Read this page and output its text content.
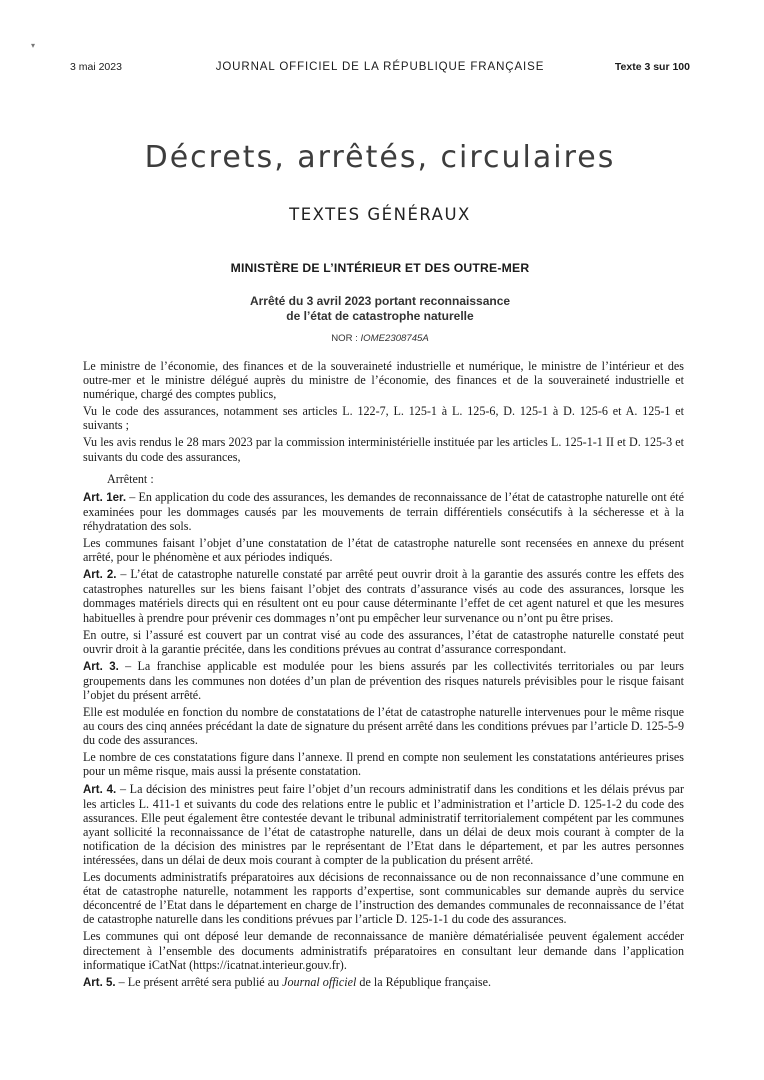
▾
3 mai 2023	JOURNAL OFFICIEL DE LA RÉPUBLIQUE FRANÇAISE	Texte 3 sur 100
Décrets, arrêtés, circulaires
TEXTES GÉNÉRAUX
MINISTÈRE DE L’INTÉRIEUR ET DES OUTRE-MER
Arrêté du 3 avril 2023 portant reconnaissance
de l’état de catastrophe naturelle
NOR : IOME2308745A

Le ministre de l’économie, des finances et de la souveraineté industrielle et numérique, le ministre de l’intérieur et des outre-mer et le ministre délégué auprès du ministre de l’économie, des finances et de la souveraineté industrielle et numérique, chargé des comptes publics,

Vu le code des assurances, notamment ses articles L. 122-7, L. 125-1 à L. 125-6, D. 125-1 à D. 125-6 et A. 125-1 et suivants ;

Vu les avis rendus le 28 mars 2023 par la commission interministérielle instituée par les articles L. 125-1-1 II et D. 125-3 et suivants du code des assurances,

Arrêtent :

Art. 1er. – En application du code des assurances, les demandes de reconnaissance de l’état de catastrophe naturelle ont été examinées pour les dommages causés par les mouvements de terrain différentiels consécutifs à la sécheresse et à la réhydratation des sols.

Les communes faisant l’objet d’une constatation de l’état de catastrophe naturelle sont recensées en annexe du présent arrêté, pour le phénomène et aux périodes indiqués.

Art. 2. – L’état de catastrophe naturelle constaté par arrêté peut ouvrir droit à la garantie des assurés contre les effets des catastrophes naturelles sur les biens faisant l’objet des contrats d’assurance visés au code des assurances, lorsque les dommages matériels directs qui en résultent ont eu pour cause déterminante l’effet de cet agent naturel et que les mesures habituelles à prendre pour prévenir ces dommages n’ont pu empêcher leur survenance ou n’ont pu être prises.

En outre, si l’assuré est couvert par un contrat visé au code des assurances, l’état de catastrophe naturelle constaté peut ouvrir droit à la garantie précitée, dans les conditions prévues au contrat d’assurance correspondant.

Art. 3. – La franchise applicable est modulée pour les biens assurés par les collectivités territoriales ou par leurs groupements dans les communes non dotées d’un plan de prévention des risques naturels prévisibles pour le risque faisant l’objet du présent arrêté.

Elle est modulée en fonction du nombre de constatations de l’état de catastrophe naturelle intervenues pour le même risque au cours des cinq années précédant la date de signature du présent arrêté dans les conditions prévues par l’article D. 125-5-9 du code des assurances.

Le nombre de ces constatations figure dans l’annexe. Il prend en compte non seulement les constatations antérieures prises pour un même risque, mais aussi la présente constatation.

Art. 4. – La décision des ministres peut faire l’objet d’un recours administratif dans les conditions et les délais prévus par les articles L. 411-1 et suivants du code des relations entre le public et l’administration et l’article D. 125-1-2 du code des assurances. Elle peut également être contestée devant le tribunal administratif territorialement compétent par les communes ayant sollicité la reconnaissance de l’état de catastrophe naturelle, dans un délai de deux mois courant à compter de la notification de la décision des ministres par le représentant de l’Etat dans le département, et par les autres personnes intéressées, dans un délai de deux mois courant à compter de la publication du présent arrêté.

Les documents administratifs préparatoires aux décisions de reconnaissance ou de non reconnaissance d’une commune en état de catastrophe naturelle, notamment les rapports d’expertise, sont communicables sur demande auprès du service déconcentré de l’Etat dans le département en charge de l’instruction des demandes communales de reconnaissance de l’état de catastrophe naturelle dans les conditions prévues par l’article D. 125-1-1 du code des assurances.

Les communes qui ont déposé leur demande de reconnaissance de manière dématérialisée peuvent également accéder directement à l’ensemble des documents administratifs préparatoires en consultant leur demande dans l’application informatique iCatNat (https://icatnat.interieur.gouv.fr).

Art. 5. – Le présent arrêté sera publié au Journal officiel de la République française.
